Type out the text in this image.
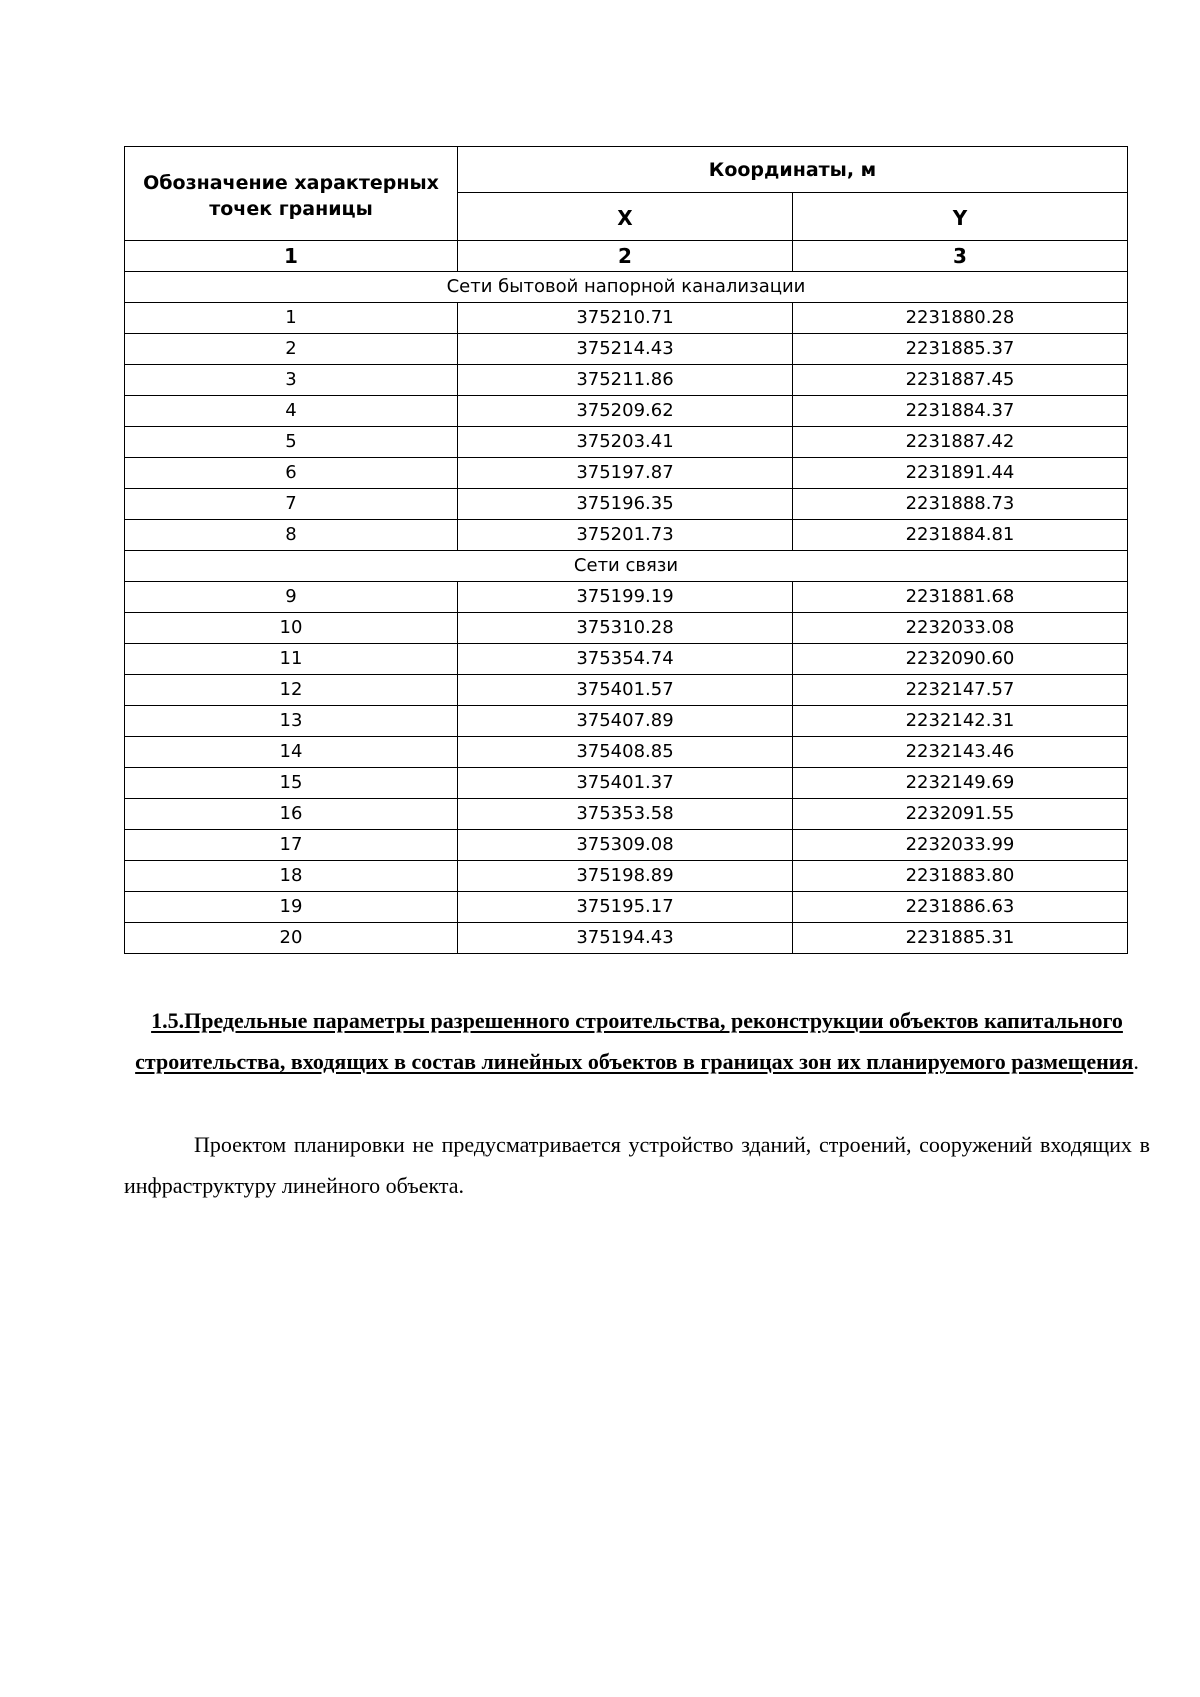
Обозначение характерных точек границы	Координаты, м	
	X	Y
1	2	3
Сети бытовой напорной канализации		
1	375210.71	2231880.28
2	375214.43	2231885.37
3	375211.86	2231887.45
4	375209.62	2231884.37
5	375203.41	2231887.42
6	375197.87	2231891.44
7	375196.35	2231888.73
8	375201.73	2231884.81
Сети связи		
9	375199.19	2231881.68
10	375310.28	2232033.08
11	375354.74	2232090.60
12	375401.57	2232147.57
13	375407.89	2232142.31
14	375408.85	2232143.46
15	375401.37	2232149.69
16	375353.58	2232091.55
17	375309.08	2232033.99
18	375198.89	2231883.80
19	375195.17	2231886.63
20	375194.43	2231885.31

1.5.Предельные параметры разрешенного строительства, реконструкции объектов капитального строительства, входящих в состав линейных объектов в границах зон их планируемого размещения.

Проектом планировки не предусматривается устройство зданий, строений, сооружений входящих в инфраструктуру линейного объекта.
